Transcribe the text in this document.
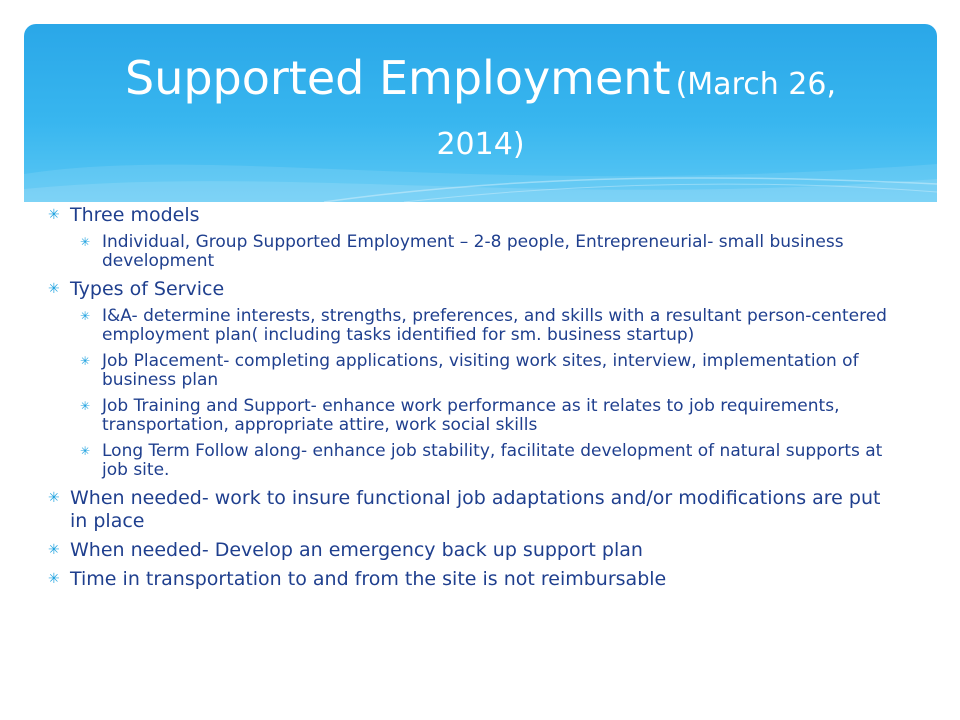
Supported Employment (March 26,
2014)
✳ Three models
✳ Individual, Group Supported Employment – 2-8 people, Entrepreneurial- small business development
✳ Types of Service
✳ I&A- determine interests, strengths, preferences, and skills with a resultant person-centered employment plan( including tasks identified for sm. business startup)
✳ Job Placement- completing applications, visiting work sites, interview, implementation of business plan
✳ Job Training and Support- enhance work performance as it relates to job requirements, transportation, appropriate attire, work social skills
✳ Long Term Follow along- enhance job stability, facilitate development of natural supports at job site.
✳ When needed- work to insure functional job adaptations and/or modifications are put in place
✳ When needed- Develop an emergency back up support plan
✳ Time in transportation to and from the site is not reimbursable
